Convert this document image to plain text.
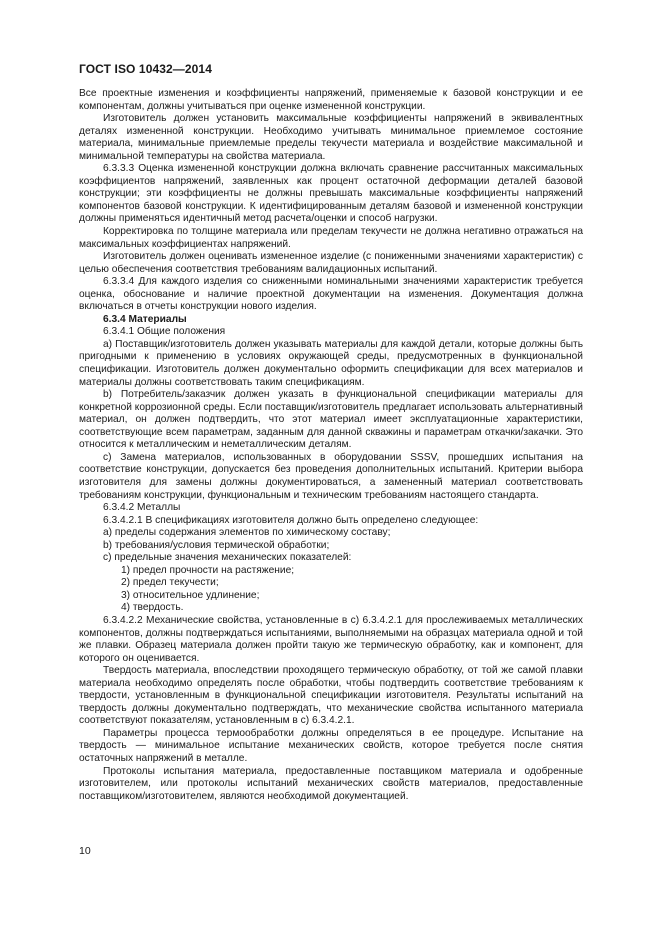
ГОСТ ISO 10432—2014

Все проектные изменения и коэффициенты напряжений, применяемые к базовой конструкции и ее компонентам, должны учитываться при оценке измененной конструкции.

Изготовитель должен установить максимальные коэффициенты напряжений в эквивалентных деталях измененной конструкции. Необходимо учитывать минимальное приемлемое состояние материала, минимальные приемлемые пределы текучести материала и воздействие максимальной и минимальной температуры на свойства материала.

6.3.3.3 Оценка измененной конструкции должна включать сравнение рассчитанных максимальных коэффициентов напряжений, заявленных как процент остаточной деформации деталей базовой конструкции; эти коэффициенты не должны превышать максимальные коэффициенты напряжений компонентов базовой конструкции. К идентифицированным деталям базовой и измененной конструкции должны применяться идентичный метод расчета/оценки и способ нагрузки.

Корректировка по толщине материала или пределам текучести не должна негативно отражаться на максимальных коэффициентах напряжений.

Изготовитель должен оценивать измененное изделие (с пониженными значениями характеристик) с целью обеспечения соответствия требованиям валидационных испытаний.

6.3.3.4 Для каждого изделия со сниженными номинальными значениями характеристик требуется оценка, обоснование и наличие проектной документации на изменения. Документация должна включаться в отчеты конструкции нового изделия.

6.3.4 Материалы

6.3.4.1 Общие положения

а) Поставщик/изготовитель должен указывать материалы для каждой детали, которые должны быть пригодными к применению в условиях окружающей среды, предусмотренных в функциональной спецификации. Изготовитель должен документально оформить спецификации для всех материалов и материалы должны соответствовать таким спецификациям.

b) Потребитель/заказчик должен указать в функциональной спецификации материалы для конкретной коррозионной среды. Если поставщик/изготовитель предлагает использовать альтернативный материал, он должен подтвердить, что этот материал имеет эксплуатационные характеристики, соответствующие всем параметрам, заданным для данной скважины и параметрам откачки/закачки. Это относится к металлическим и неметаллическим деталям.

с) Замена материалов, использованных в оборудовании SSSV, прошедших испытания на соответствие конструкции, допускается без проведения дополнительных испытаний. Критерии выбора изготовителя для замены должны документироваться, а замененный материал соответствовать требованиям конструкции, функциональным и техническим требованиям настоящего стандарта.

6.3.4.2 Металлы

6.3.4.2.1 В спецификациях изготовителя должно быть определено следующее:

а) пределы содержания элементов по химическому составу;

b) требования/условия термической обработки;

с) предельные значения механических показателей:

1) предел прочности на растяжение;

2) предел текучести;

3) относительное удлинение;

4) твердость.

6.3.4.2.2 Механические свойства, установленные в с) 6.3.4.2.1 для прослеживаемых металлических компонентов, должны подтверждаться испытаниями, выполняемыми на образцах материала одной и той же плавки. Образец материала должен пройти такую же термическую обработку, как и компонент, для которого он оценивается.

Твердость материала, впоследствии проходящего термическую обработку, от той же самой плавки материала необходимо определять после обработки, чтобы подтвердить соответствие требованиям к твердости, установленным в функциональной спецификации изготовителя. Результаты испытаний на твердость должны документально подтверждать, что механические свойства испытанного материала соответствуют показателям, установленным в с) 6.3.4.2.1.

Параметры процесса термообработки должны определяться в ее процедуре. Испытание на твердость — минимальное испытание механических свойств, которое требуется после снятия остаточных напряжений в металле.

Протоколы испытания материала, предоставленные поставщиком материала и одобренные изготовителем, или протоколы испытаний механических свойств материалов, предоставленные поставщиком/изготовителем, являются необходимой документацией.

10
